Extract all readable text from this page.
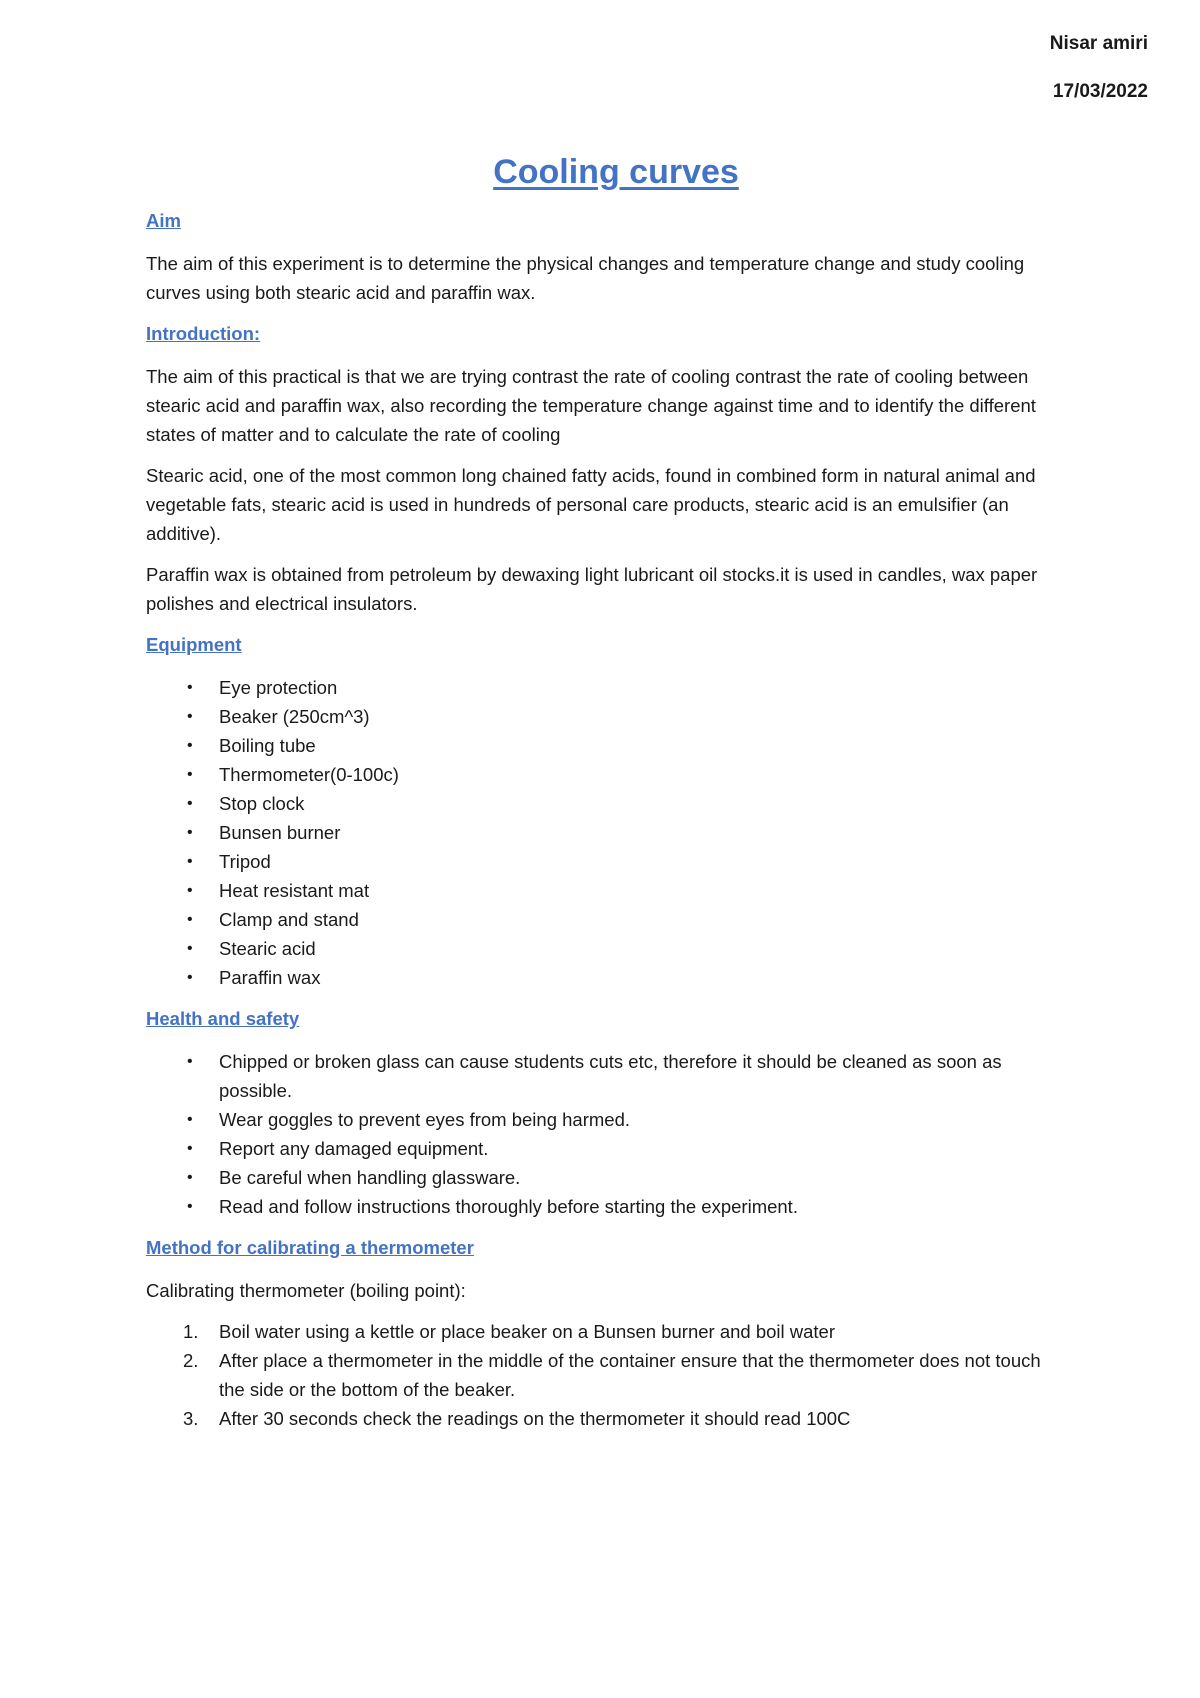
Nisar amiri
17/03/2022
Cooling curves
Aim

The aim of this experiment is to determine the physical changes and temperature change and study cooling curves using both stearic acid and paraffin wax.

Introduction:

The aim of this practical is that we are trying contrast the rate of cooling contrast the rate of cooling between stearic acid and paraffin wax, also recording the temperature change against time and to identify the different states of matter and to calculate the rate of cooling

Stearic acid, one of the most common long chained fatty acids, found in combined form in natural animal and vegetable fats, stearic acid is used in hundreds of personal care products, stearic acid is an emulsifier (an additive).

Paraffin wax is obtained from petroleum by dewaxing light lubricant oil stocks.it is used in candles, wax paper polishes and electrical insulators.

Equipment
• Eye protection
• Beaker (250cm^3)
• Boiling tube
• Thermometer(0-100c)
• Stop clock
• Bunsen burner
• Tripod
• Heat resistant mat
• Clamp and stand
• Stearic acid
• Paraffin wax
Health and safety
• Chipped or broken glass can cause students cuts etc, therefore it should be cleaned as soon as possible.
• Wear goggles to prevent eyes from being harmed.
• Report any damaged equipment.
• Be careful when handling glassware.
• Read and follow instructions thoroughly before starting the experiment.
Method for calibrating a thermometer

Calibrating thermometer (boiling point):

1. Boil water using a kettle or place beaker on a Bunsen burner and boil water
2. After place a thermometer in the middle of the container ensure that the thermometer does not touch the side or the bottom of the beaker.
3. After 30 seconds check the readings on the thermometer it should read 100C
